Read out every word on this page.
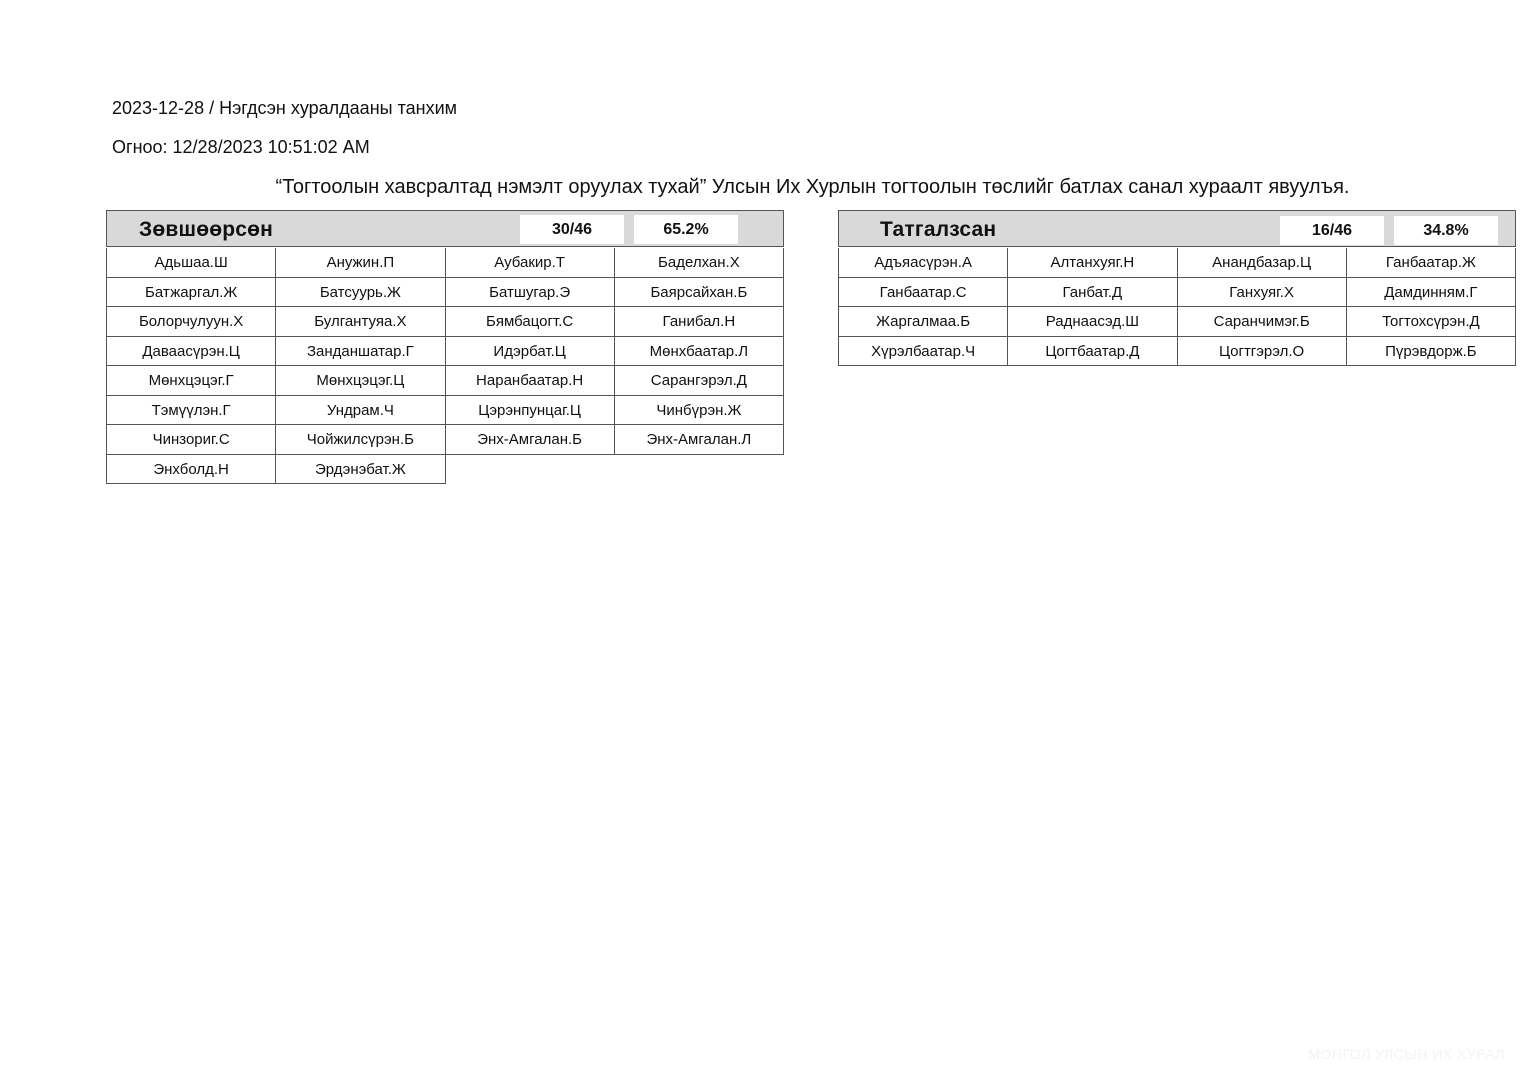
2023-12-28 / Нэгдсэн хуралдааны танхим
Огноо: 12/28/2023 10:51:02 AM
“Тогтоолын хавсралтад нэмэлт оруулах тухай” Улсын Их Хурлын тогтоолын төслийг батлах санал хураалт явуулъя.
Зөвшөөрсөн	30/46	65.2%
Адьшаа.Ш	Анужин.П	Аубакир.Т	Баделхан.Х
Батжаргал.Ж	Батсуурь.Ж	Батшугар.Э	Баярсайхан.Б
Болорчулуун.Х	Булгантуяа.Х	Бямбацогт.С	Ганибал.Н
Даваасүрэн.Ц	Занданшатар.Г	Идэрбат.Ц	Мөнхбаатар.Л
Мөнхцэцэг.Г	Мөнхцэцэг.Ц	Наранбаатар.Н	Сарангэрэл.Д
Тэмүүлэн.Г	Ундрам.Ч	Цэрэнпунцаг.Ц	Чинбүрэн.Ж
Чинзориг.С	Чойжилсүрэн.Б	Энх-Амгалан.Б	Энх-Амгалан.Л
Энхболд.Н	Эрдэнэбат.Ж
Татгалзсан	16/46	34.8%
Адъяасүрэн.А	Алтанхуяг.Н	Анандбазар.Ц	Ганбаатар.Ж
Ганбаатар.С	Ганбат.Д	Ганхуяг.Х	Дамдинням.Г
Жаргалмаа.Б	Раднаасэд.Ш	Саранчимэг.Б	Тогтохсүрэн.Д
Хүрэлбаатар.Ч	Цогтбаатар.Д	Цогтгэрэл.О	Пүрэвдорж.Б
МОНГОЛ УЛСЫН ИХ ХУРАЛ
